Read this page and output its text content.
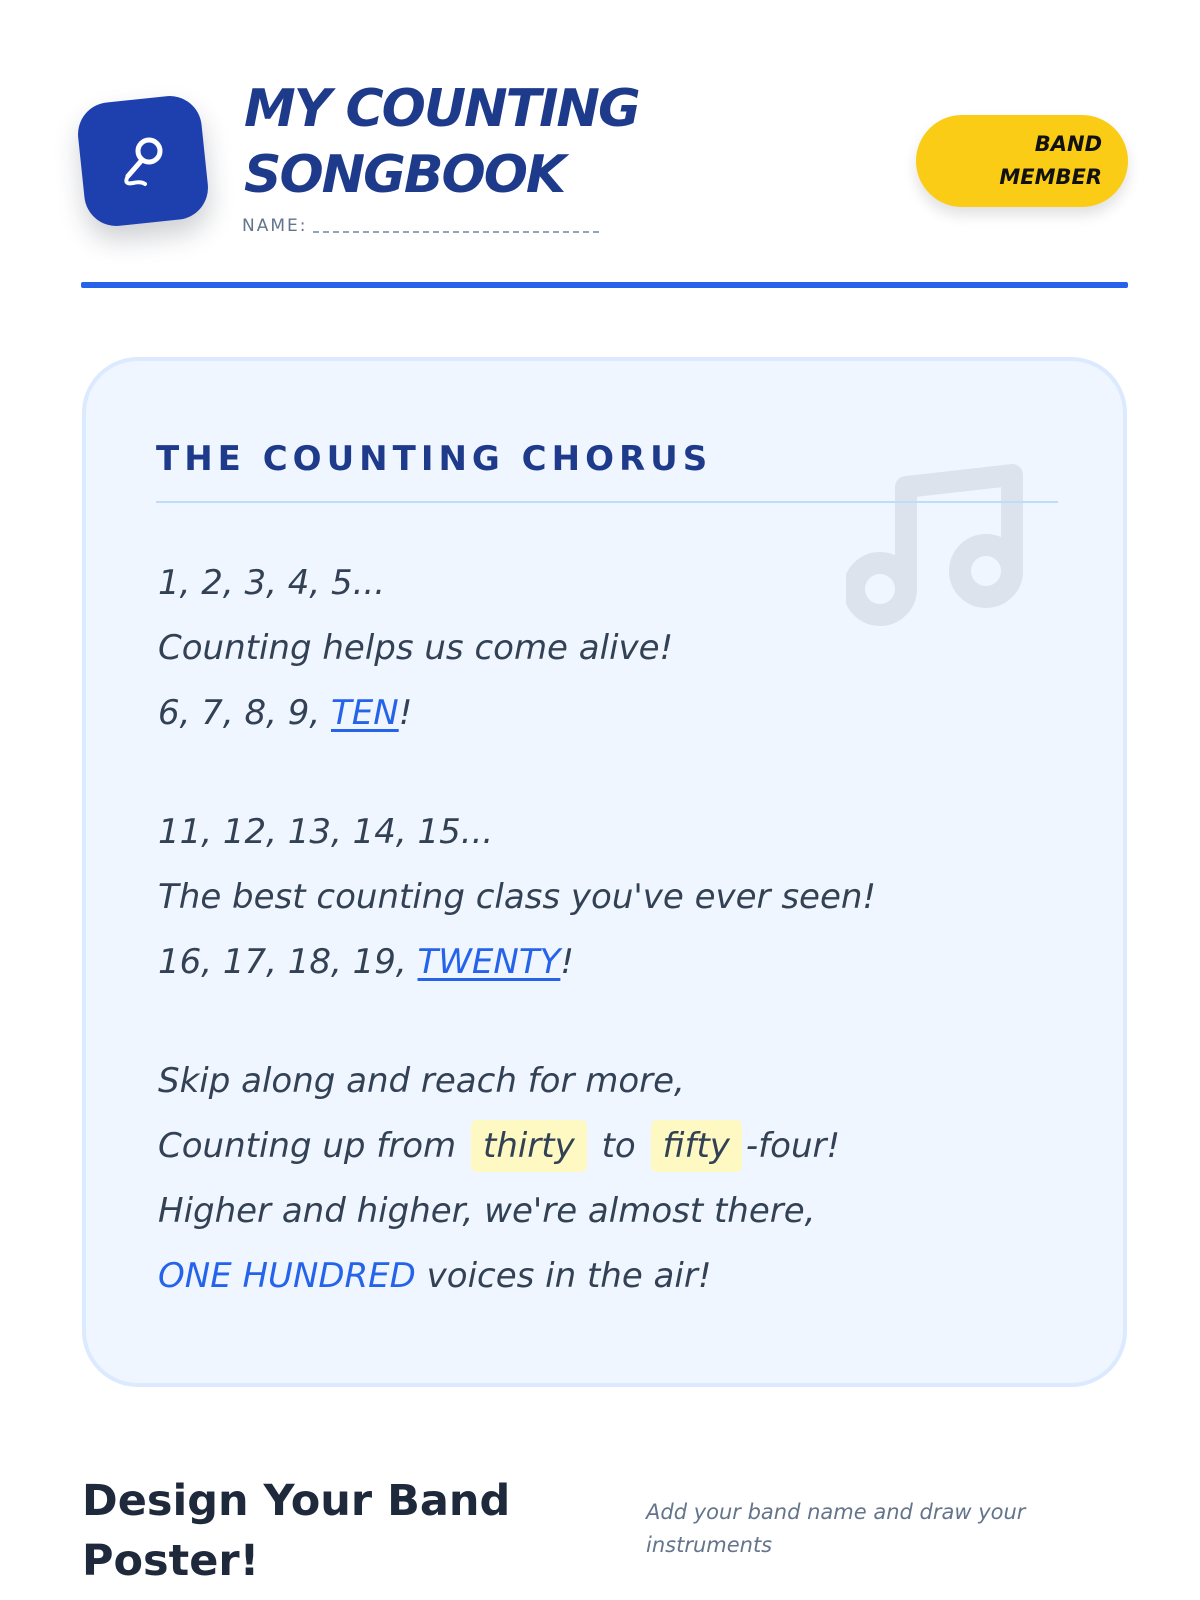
MY COUNTING
SONGBOOK
NAME:
BAND
MEMBER
THE COUNTING CHORUS
1, 2, 3, 4, 5...
Counting helps us come alive!
6, 7, 8, 9, TEN!
11, 12, 13, 14, 15...
The best counting class you've ever seen!
16, 17, 18, 19, TWENTY!
Skip along and reach for more,
Counting up from thirty to fifty -four!
Higher and higher, we're almost there,
ONE HUNDRED voices in the air!
Design Your Band Poster!
Add your band name and draw your instruments
